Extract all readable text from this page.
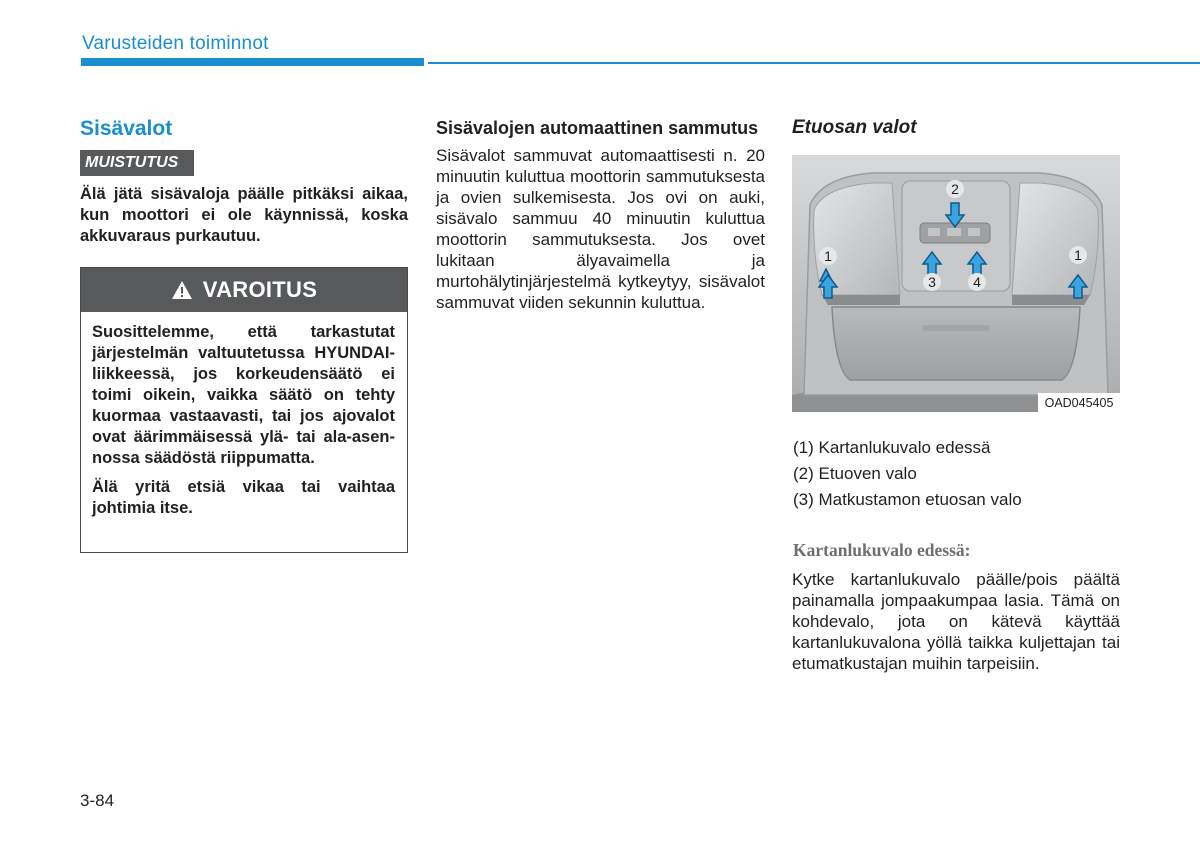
Varusteiden toiminnot
Sisävalot
MUISTUTUS
Älä jätä sisävaloja päälle pitkäksi aikaa, kun moottori ei ole käynnissä, koska akkuvaraus purkautuu.
VAROITUS

Suosittelemme, että tarkastutat järjestelmän valtuutetussa HYUNDAI-liikkeessä, jos korkeudensäätö ei toimi oikein, vaikka säätö on tehty kuormaa vastaavasti, tai jos ajovalot ovat äärimmäisessä ylä- tai ala-asennossa säädöstä riippumatta.

Älä yritä etsiä vikaa tai vaihtaa johtimia itse.

Sisävalojen automaattinen sammutus

Sisävalot sammuvat automaattisesti n. 20 minuutin kuluttua moottorin sammutuksesta ja ovien sulkemisesta. Jos ovi on auki, sisävalo sammuu 40 minuutin kuluttua moottorin sammutuksesta. Jos ovet lukitaan älyavaimella ja murtohälytinjärjestelmä kytkeytyy, sisävalot sammuvat viiden sekunnin kuluttua.

Etuosan valot
1
2
3	4
1
OAD045405
(1) Kartanlukuvalo edessä
(2) Etuoven valo
(3) Matkustamon etuosan valo
Kartanlukuvalo edessä:
Kytke kartanlukuvalo päälle/pois päältä painamalla jompaakumpaa lasia. Tämä on kohdevalo, jota on kätevä käyttää kartanlukuvalona yöllä taikka kuljettajan tai etumatkustajan muihin tarpeisiin.
3-84
